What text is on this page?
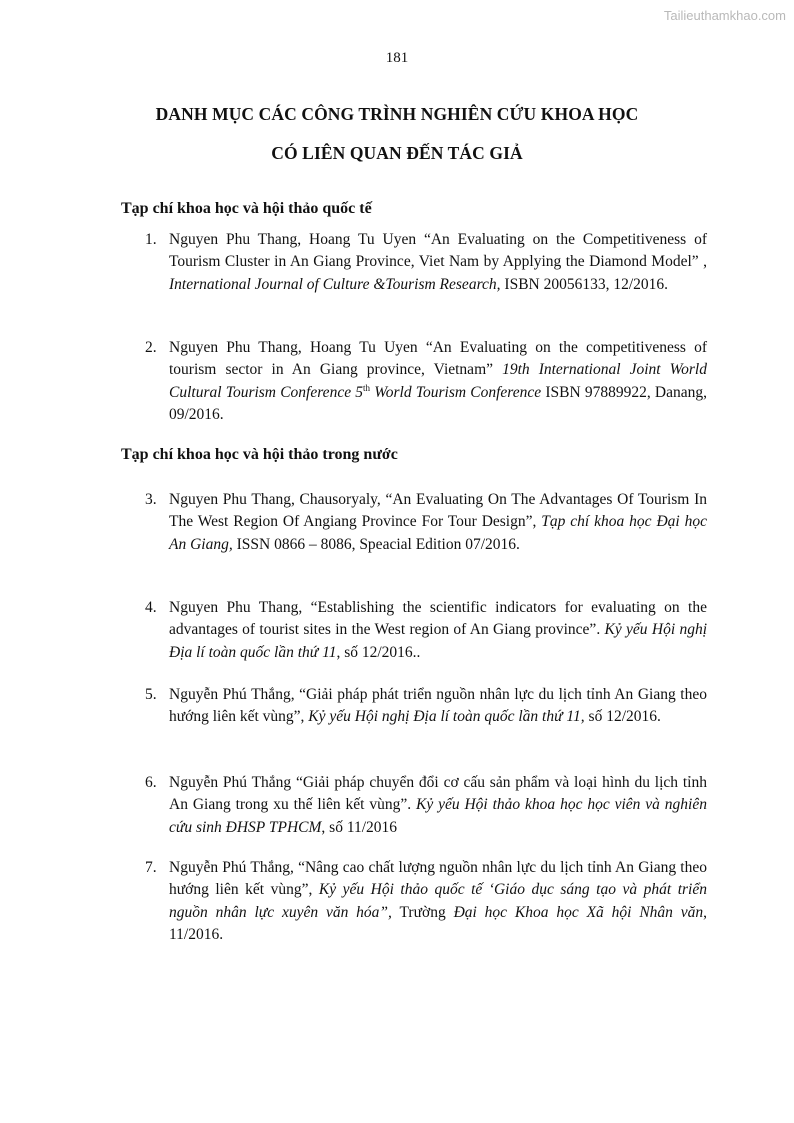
Tailieuthamkhao.com
181
DANH MỤC CÁC CÔNG TRÌNH NGHIÊN CỨU KHOA HỌC
CÓ LIÊN QUAN ĐẾN TÁC GIẢ
Tạp chí khoa học và hội thảo quốc tế
1. Nguyen Phu Thang, Hoang Tu Uyen “An Evaluating on the Competitiveness of Tourism Cluster in An Giang Province, Viet Nam by Applying the Diamond Model” , International Journal of Culture &Tourism Research, ISBN 20056133, 12/2016.
2. Nguyen Phu Thang, Hoang Tu Uyen “An Evaluating on the competitiveness of tourism sector in An Giang province, Vietnam” 19th International Joint World Cultural Tourism Conference 5th World Tourism Conference ISBN 97889922, Danang, 09/2016.
Tạp chí khoa học và hội thảo trong nước
3. Nguyen Phu Thang, Chausoryaly, “An Evaluating On The Advantages Of Tourism In The West Region Of Angiang Province For Tour Design”, Tạp chí khoa học Đại học An Giang, ISSN 0866 – 8086, Speacial Edition 07/2016.
4. Nguyen Phu Thang, “Establishing the scientific indicators for evaluating on the advantages of tourist sites in the West region of An Giang province”. Kỷ yếu Hội nghị Địa lí toàn quốc lần thứ 11, số 12/2016..
5. Nguyễn Phú Thắng, “Giải pháp phát triển nguồn nhân lực du lịch tỉnh An Giang theo hướng liên kết vùng”, Kỷ yếu Hội nghị Địa lí toàn quốc lần thứ 11, số 12/2016.
6. Nguyễn Phú Thắng “Giải pháp chuyển đổi cơ cấu sản phẩm và loại hình du lịch tỉnh An Giang trong xu thế liên kết vùng”. Kỷ yếu Hội thảo khoa học học viên và nghiên cứu sinh ĐHSP TPHCM, số 11/2016
7. Nguyễn Phú Thắng, “Nâng cao chất lượng nguồn nhân lực du lịch tỉnh An Giang theo hướng liên kết vùng”, Kỷ yếu Hội thảo quốc tế ‘Giáo dục sáng tạo và phát triển nguồn nhân lực xuyên văn hóa”, Trường Đại học Khoa học Xã hội Nhân văn, 11/2016.
